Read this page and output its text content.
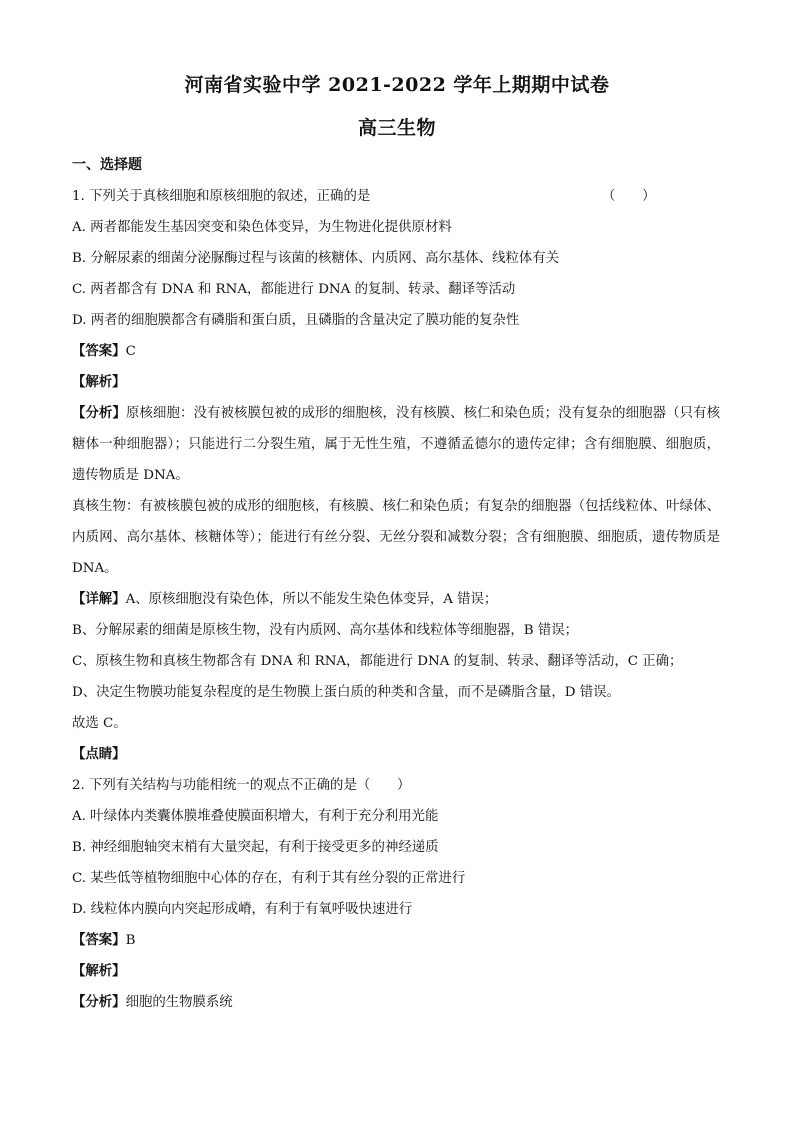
河南省实验中学 2021-2022 学年上期期中试卷
高三生物
一、选择题
1. 下列关于真核细胞和原核细胞的叙述，正确的是	（　　）
A. 两者都能发生基因突变和染色体变异，为生物进化提供原材料
B. 分解尿素的细菌分泌脲酶过程与该菌的核糖体、内质网、高尔基体、线粒体有关
C. 两者都含有 DNA 和 RNA，都能进行 DNA 的复制、转录、翻译等活动
D. 两者的细胞膜都含有磷脂和蛋白质，且磷脂的含量决定了膜功能的复杂性
【答案】C
【解析】
【分析】原核细胞：没有被核膜包被的成形的细胞核，没有核膜、核仁和染色质；没有复杂的细胞器（只有核糖体一种细胞器）；只能进行二分裂生殖，属于无性生殖，不遵循孟德尔的遗传定律；含有细胞膜、细胞质，遗传物质是 DNA。
真核生物：有被核膜包被的成形的细胞核，有核膜、核仁和染色质；有复杂的细胞器（包括线粒体、叶绿体、内质网、高尔基体、核糖体等）；能进行有丝分裂、无丝分裂和减数分裂；含有细胞膜、细胞质，遗传物质是 DNA。
【详解】A、原核细胞没有染色体，所以不能发生染色体变异，A 错误；
B、分解尿素的细菌是原核生物，没有内质网、高尔基体和线粒体等细胞器，B 错误；
C、原核生物和真核生物都含有 DNA 和 RNA，都能进行 DNA 的复制、转录、翻译等活动，C 正确；
D、决定生物膜功能复杂程度的是生物膜上蛋白质的种类和含量，而不是磷脂含量，D 错误。
故选 C。
【点睛】
2. 下列有关结构与功能相统一的观点不正确的是（　　）
A. 叶绿体内类囊体膜堆叠使膜面积增大，有利于充分利用光能
B. 神经细胞轴突末梢有大量突起，有利于接受更多的神经递质
C. 某些低等植物细胞中心体的存在，有利于其有丝分裂的正常进行
D. 线粒体内膜向内突起形成嵴，有利于有氧呼吸快速进行
【答案】B
【解析】
【分析】细胞的生物膜系统
